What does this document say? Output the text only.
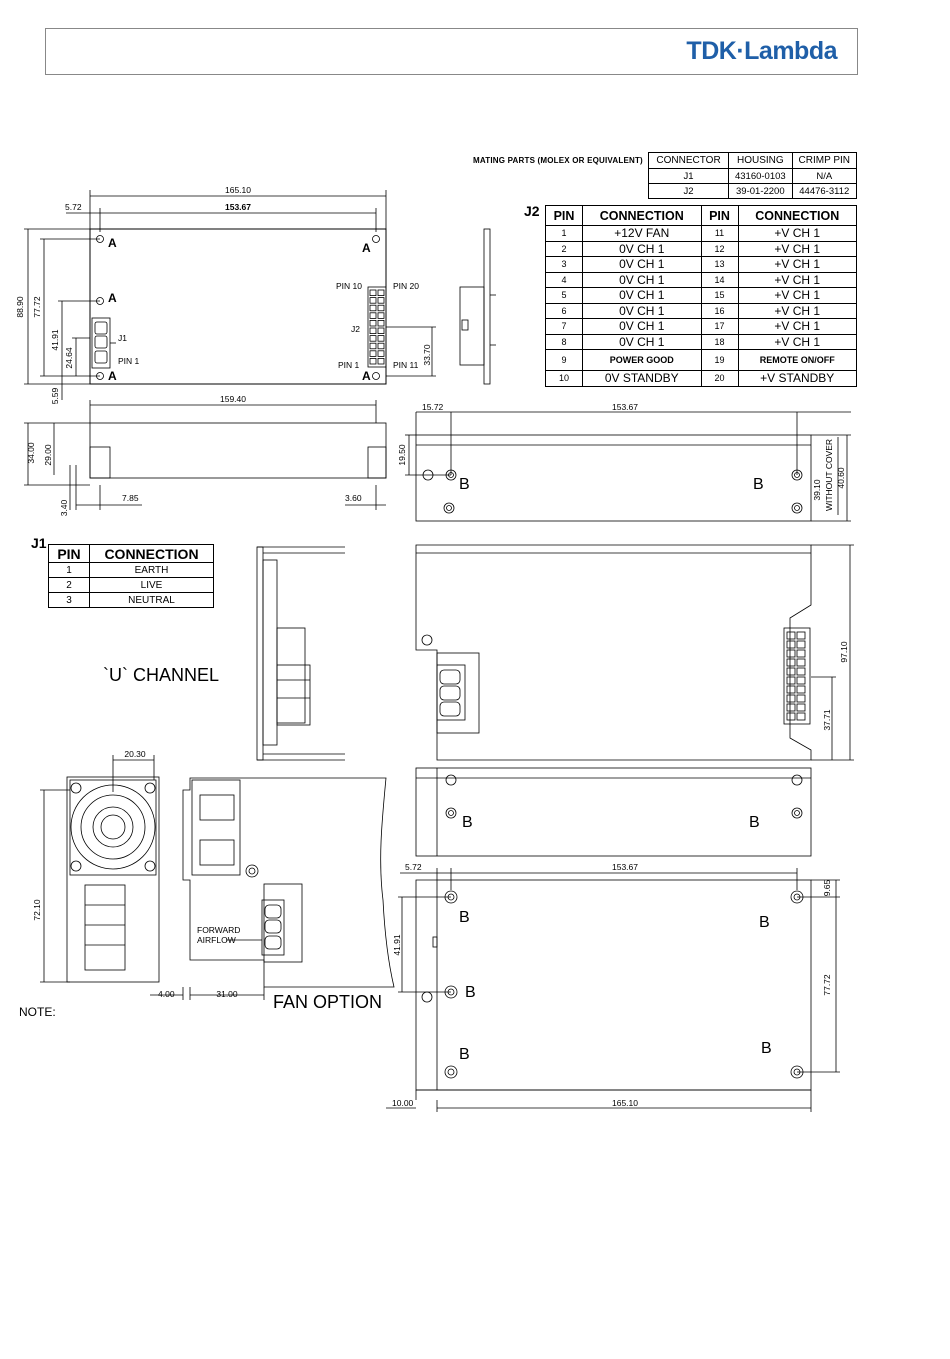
TDK·Lambda
MATING PARTS (MOLEX OR EQUIVALENT) CONNECTOR	HOUSING	CRIMP PIN
J1	43160-0103	N/A
J2	39-01-2200	44476-3112
J2 PIN	CONNECTION	PIN	CONNECTION
1	+12V FAN	11	+V CH 1
2	0V CH 1	12	+V CH 1
3	0V CH 1	13	+V CH 1
4	0V CH 1	14	+V CH 1
5	0V CH 1	15	+V CH 1
6	0V CH 1	16	+V CH 1
7	0V CH 1	17	+V CH 1
8	0V CH 1	18	+V CH 1
9	POWER GOOD	19	REMOTE ON/OFF
10	0V STANDBY	20	+V STANDBY
J1
PIN	CONNECTION
1	EARTH
2	LIVE
3	NEUTRAL
NOTE:
165.10
153.67
5.72
88.90 77.72
41.91
24.64
5.59
33.70
159.40
34.00 29.00
3.40
7.85	3.60
15.72	153.67
19.50
39.10
40.60
WITHOUT COVER
97.10
37.71
20.30
72.10
4.00	31.00
5.72	153.67
41.91
9.65
77.72
10.00	165.10
PIN 10	PIN 20
PIN 1	PIN 11
J2
J1
PIN 1
FORWARD
AIRFLOW
A	A
A
A	A
B	B
B	B
B	B
B
B	B
`U` CHANNEL
FAN OPTION
